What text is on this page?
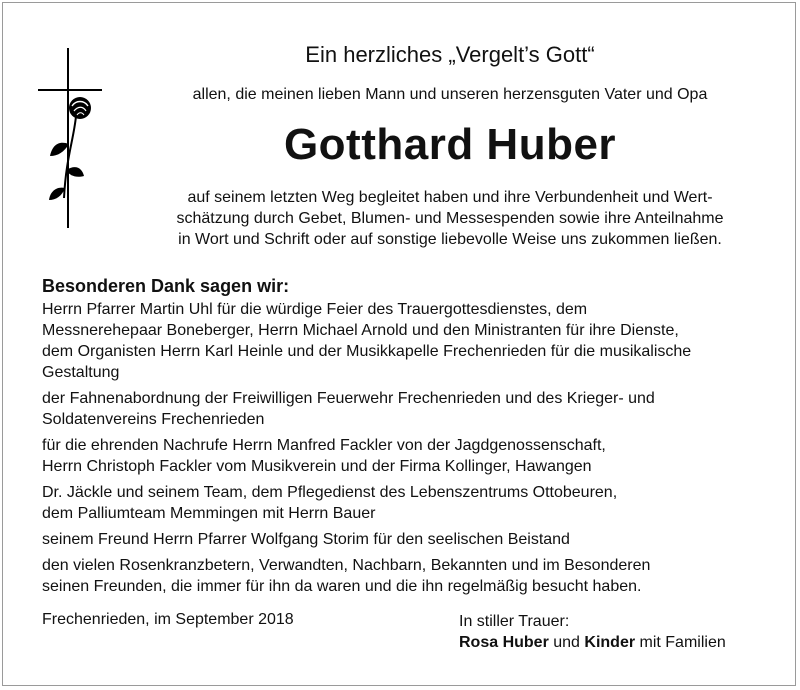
Ein herzliches „Vergelt’s Gott“
allen, die meinen lieben Mann und unseren herzensguten Vater und Opa
Gotthard Huber
auf seinem letzten Weg begleitet haben und ihre Verbundenheit und Wert-
schätzung durch Gebet, Blumen- und Messespenden sowie ihre Anteilnahme
in Wort und Schrift oder auf sonstige liebevolle Weise uns zukommen ließen.
Besonderen Dank sagen wir:
Herrn Pfarrer Martin Uhl für die würdige Feier des Trauergottesdienstes, dem
Messnerehepaar Boneberger, Herrn Michael Arnold und den Ministranten für ihre Dienste,
dem Organisten Herrn Karl Heinle und der Musikkapelle Frechenrieden für die musikalische
Gestaltung
der Fahnenabordnung der Freiwilligen Feuerwehr Frechenrieden und des Krieger- und
Soldatenvereins Frechenrieden
für die ehrenden Nachrufe Herrn Manfred Fackler von der Jagdgenossenschaft,
Herrn Christoph Fackler vom Musikverein und der Firma Kollinger, Hawangen
Dr. Jäckle und seinem Team, dem Pflegedienst des Lebenszentrums Ottobeuren,
dem Palliumteam Memmingen mit Herrn Bauer
seinem Freund Herrn Pfarrer Wolfgang Storim für den seelischen Beistand
den vielen Rosenkranzbetern, Verwandten, Nachbarn, Bekannten und im Besonderen
seinen Freunden, die immer für ihn da waren und die ihn regelmäßig besucht haben.
Frechenrieden, im September 2018	In stiller Trauer:
Rosa Huber und Kinder mit Familien
